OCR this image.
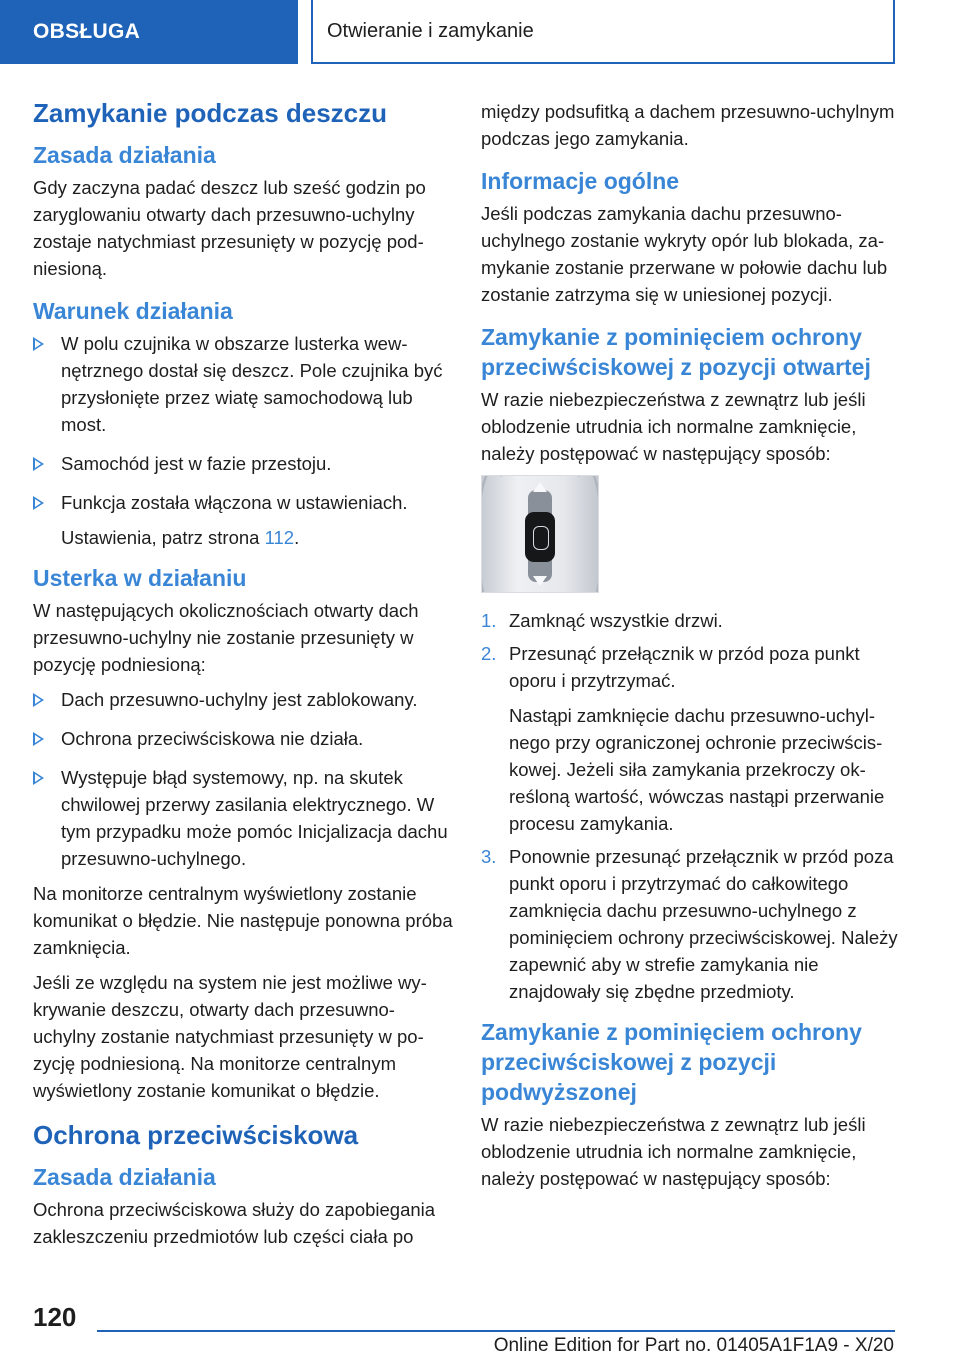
OBSŁUGA	Otwieranie i zamykanie
Zamykanie podczas deszczu
Zasada działania

Gdy zaczyna padać deszcz lub sześć godzin po zaryglowaniu otwarty dach przesuwno-uchylny zostaje natychmiast przesunięty w pozycję podniesioną.

Warunek działania
W polu czujnika w obszarze lusterka wewnętrznego dostał się deszcz. Pole czujnika być przysłonięte przez wiatę samochodową lub most.
Samochód jest w fazie przestoju.
Funkcja została włączona w ustawieniach.
Ustawienia, patrz strona 112.
Usterka w działaniu

W następujących okolicznościach otwarty dach przesuwno-uchylny nie zostanie przesunięty w pozycję podniesioną:

Dach przesuwno-uchylny jest zablokowany.
Ochrona przeciwściskowa nie działa.
Występuje błąd systemowy, np. na skutek chwilowej przerwy zasilania elektrycznego. W tym przypadku może pomóc Inicjalizacja dachu przesuwno-uchylnego.

Na monitorze centralnym wyświetlony zostanie komunikat o błędzie. Nie następuje ponowna próba zamknięcia.

Jeśli ze względu na system nie jest możliwe wykrywanie deszczu, otwarty dach przesuwno-uchylny zostanie natychmiast przesunięty w pozycję podniesioną. Na monitorze centralnym wyświetlony zostanie komunikat o błędzie.

Ochrona przeciwściskowa
Zasada działania

Ochrona przeciwściskowa służy do zapobiegania zakleszczeniu przedmiotów lub części ciała po

między podsufitką a dachem przesuwno-uchylnym podczas jego zamykania.

Informacje ogólne

Jeśli podczas zamykania dachu przesuwno-uchylnego zostanie wykryty opór lub blokada, zamykanie zostanie przerwane w połowie dachu lub zostanie zatrzyma się w uniesionej pozycji.

Zamykanie z pominięciem ochrony przeciwściskowej z pozycji otwartej

W razie niebezpieczeństwa z zewnątrz lub jeśli oblodzenie utrudnia ich normalne zamknięcie, należy postępować w następujący sposób:

1. Zamknąć wszystkie drzwi.
2. Przesunąć przełącznik w przód poza punkt oporu i przytrzymać.
Nastąpi zamknięcie dachu przesuwno-uchylnego przy ograniczonej ochronie przeciwściskowej. Jeżeli siła zamykania przekroczy określoną wartość, wówczas nastąpi przerwanie procesu zamykania.
3. Ponownie przesunąć przełącznik w przód poza punkt oporu i przytrzymać do całkowitego zamknięcia dachu przesuwno-uchylnego z pominięciem ochrony przeciwściskowej. Należy zapewnić aby w strefie zamykania nie znajdowały się zbędne przedmioty.
Zamykanie z pominięciem ochrony przeciwściskowej z pozycji podwyższonej

W razie niebezpieczeństwa z zewnątrz lub jeśli oblodzenie utrudnia ich normalne zamknięcie, należy postępować w następujący sposób:

120
Online Edition for Part no. 01405A1F1A9 - X/20
